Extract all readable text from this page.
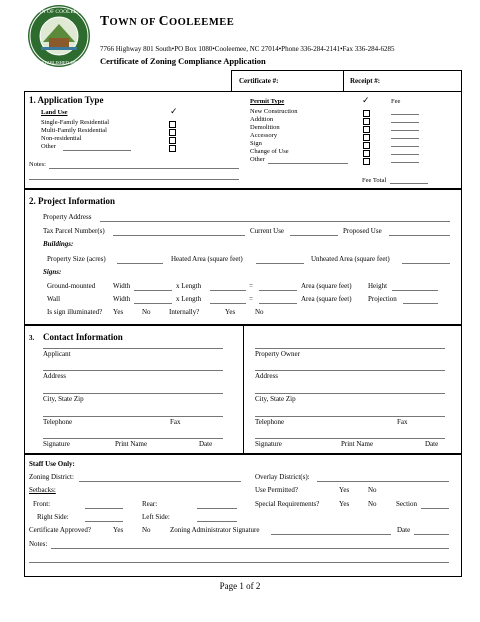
TOWN OF COOLEEMEE
ESTABLISHED 1898
TOWN OF COOLEEMEE
7766 Highway 801 South•PO Box 1080•Cooleemee, NC 27014•Phone 336-284-2141•Fax 336-284-6285
Certificate of Zoning Compliance Application
Certificate #:	Receipt #:
1. Application Type
Land Use	✓
Single-Family Residential
Multi-Family Residential
Non-residential
Other
Notes:
Permit Type	✓	Fee
New Construction
Addition
Demolition
Accessory
Sign
Change of Use
Other
Fee Total
2. Project Information
Property Address
Tax Parcel Number(s)	Current Use	Proposed Use
Buildings:
Property Size (acres)	Heated Area (square feet)	Unheated Area (square feet)
Signs:
Ground-mounted	Width	x Length	=	Area (square feet) Height
Wall	Width	x Length	=	Area (square feet) Projection
Is sign illuminated? Yes	No	Internally?	Yes	No
3. Contact Information
Applicant
Address
City, State Zip
Telephone	Fax
Signature	Print Name	Date
Property Owner
Address
City, State Zip
Telephone	Fax
Signature	Print Name	Date
Staff Use Only:
Zoning District:	Overlay District(s):
Setbacks:	Use Permitted?	Yes	No
Front:	Rear:	Special Requirements?	Yes	No	Section
Right Side:	Left Side:
Certificate Approved?	Yes	No	Zoning Administrator Signature	Date
Notes:
Page 1 of 2
